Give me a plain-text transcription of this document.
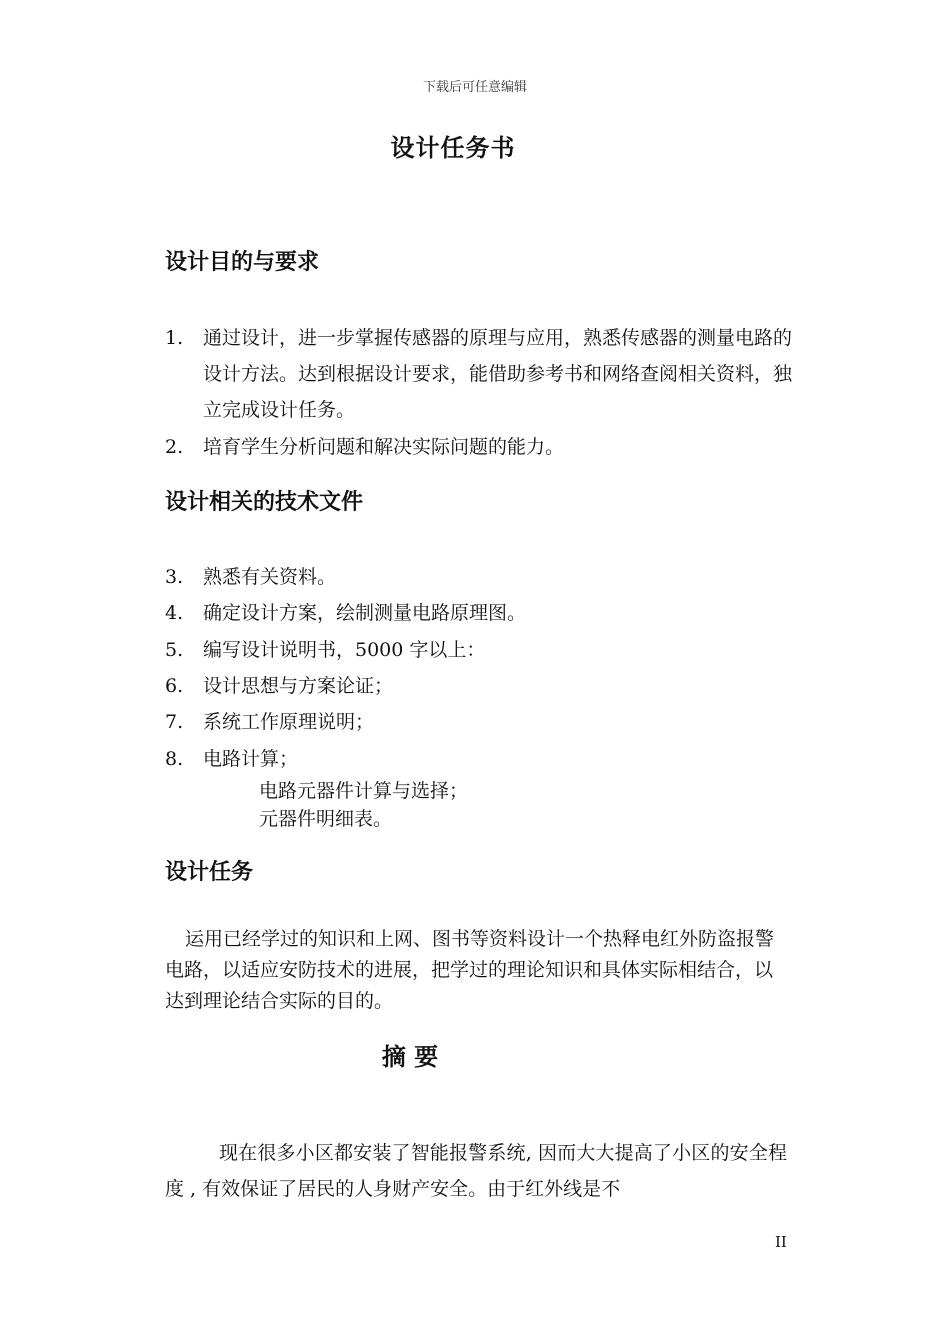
下载后可任意编辑
设计任务书
设计目的与要求
1. 通过设计，进一步掌握传感器的原理与应用，熟悉传感器的测量电路的设计方法。达到根据设计要求，能借助参考书和网络查阅相关资料，独立完成设计任务。
2. 培育学生分析问题和解决实际问题的能力。
设计相关的技术文件
3. 熟悉有关资料。
4. 确定设计方案，绘制测量电路原理图。
5. 编写设计说明书，5000 字以上：
6. 设计思想与方案论证；
7. 系统工作原理说明；
8. 电路计算；
电路元器件计算与选择；
元器件明细表。
设计任务
运用已经学过的知识和上网、图书等资料设计一个热释电红外防盗报警电路，以适应安防技术的进展，把学过的理论知识和具体实际相结合，以达到理论结合实际的目的。
摘 要
现在很多小区都安装了智能报警系统, 因而大大提高了小区的安全程度 , 有效保证了居民的人身财产安全。由于红外线是不
II
